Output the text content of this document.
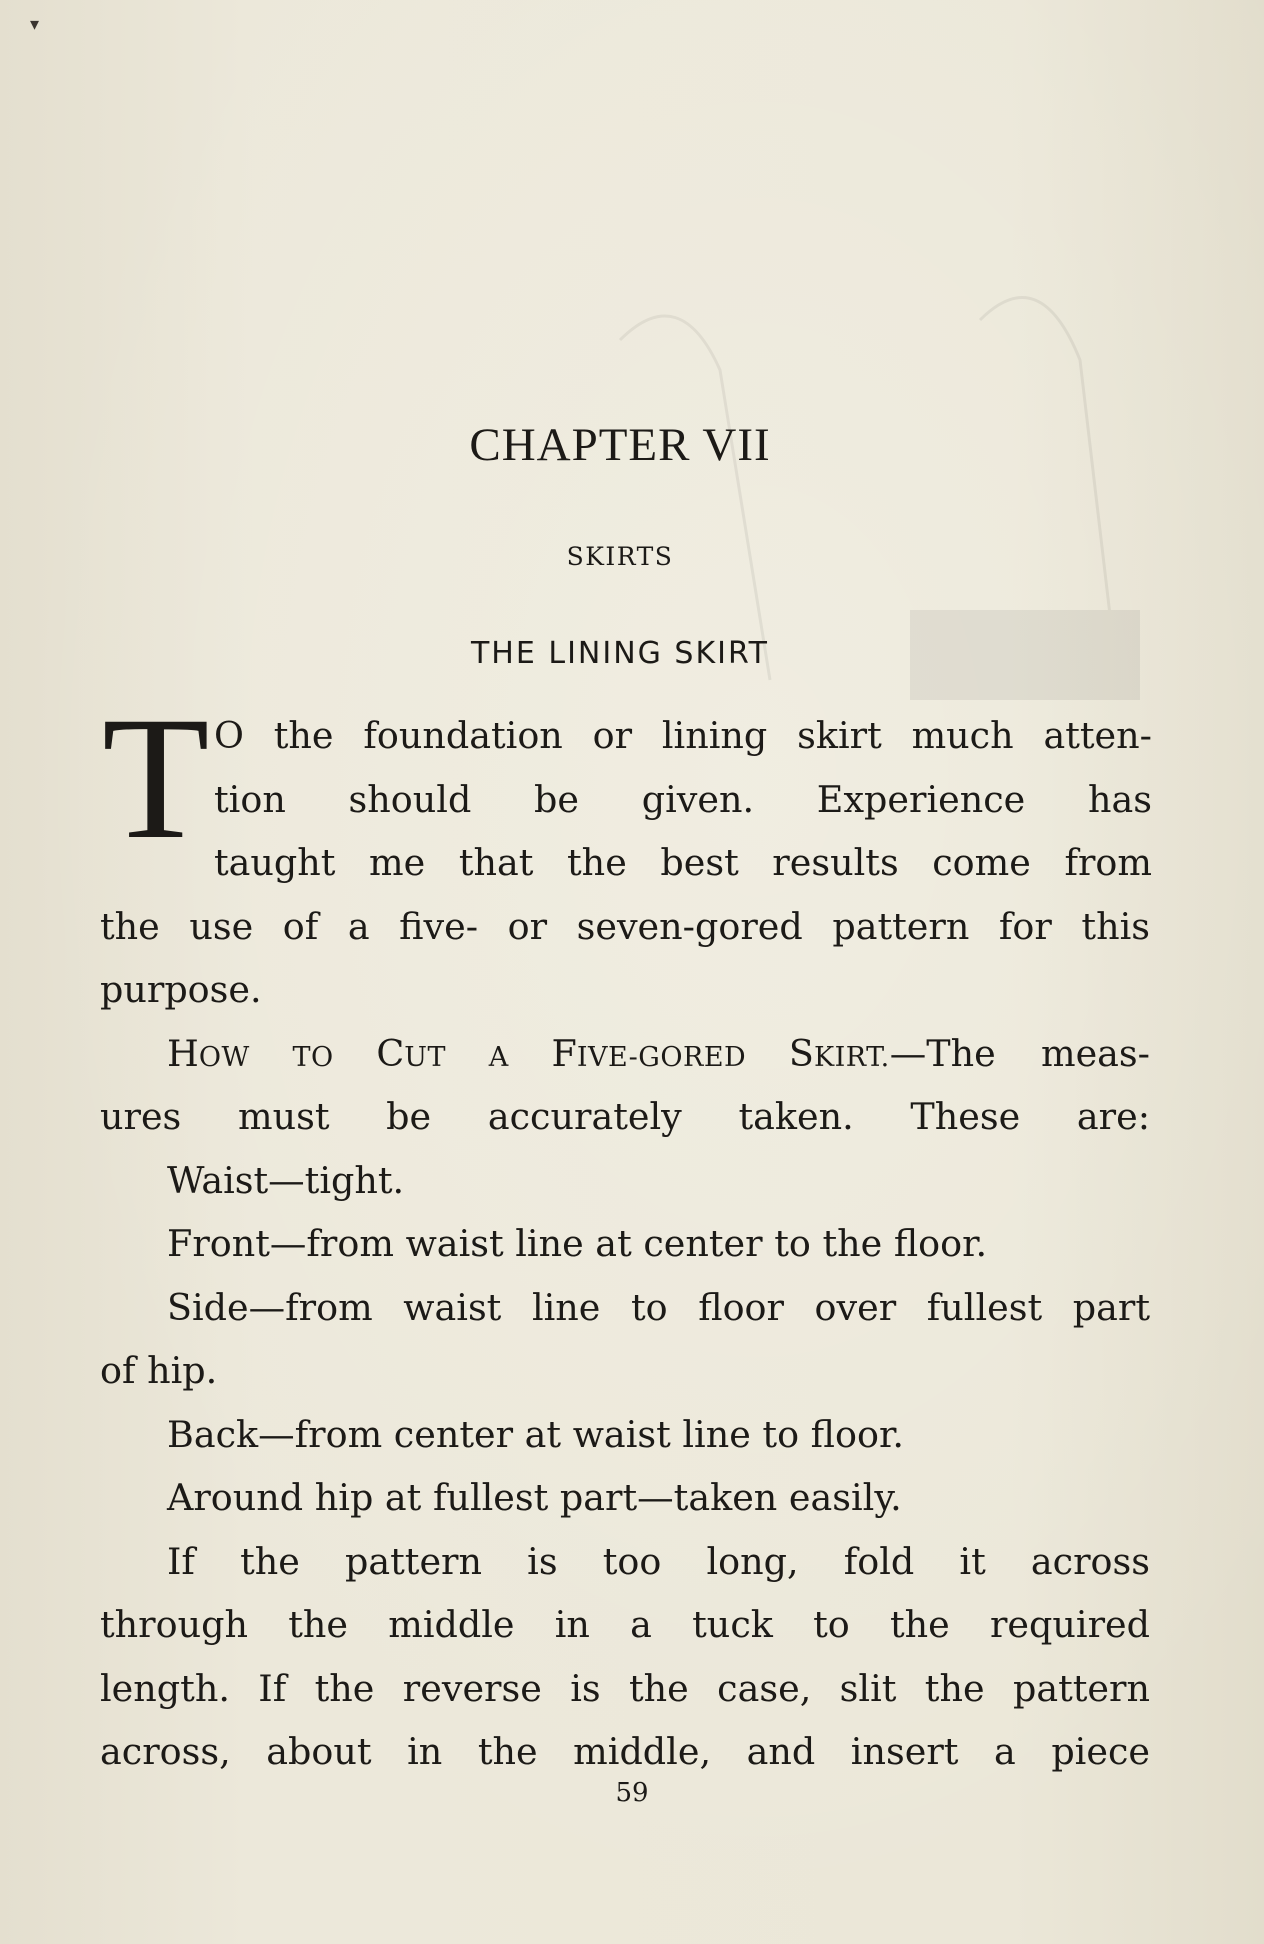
▾
CHAPTER VII
SKIRTS
THE LINING SKIRT
T O the foundation or lining skirt much atten-
tion should be given. Experience has
taught me that the best results come from
the use of a five- or seven-gored pattern for this
purpose.
HOW TO CUT A FIVE-GORED SKIRT.—The meas-
ures must be accurately taken. These are:
Waist—tight.
Front—from waist line at center to the floor.
Side—from waist line to floor over fullest part
of hip.
Back—from center at waist line to floor.
Around hip at fullest part—taken easily.
If the pattern is too long, fold it across
through the middle in a tuck to the required
length. If the reverse is the case, slit the pattern
across, about in the middle, and insert a piece
59
